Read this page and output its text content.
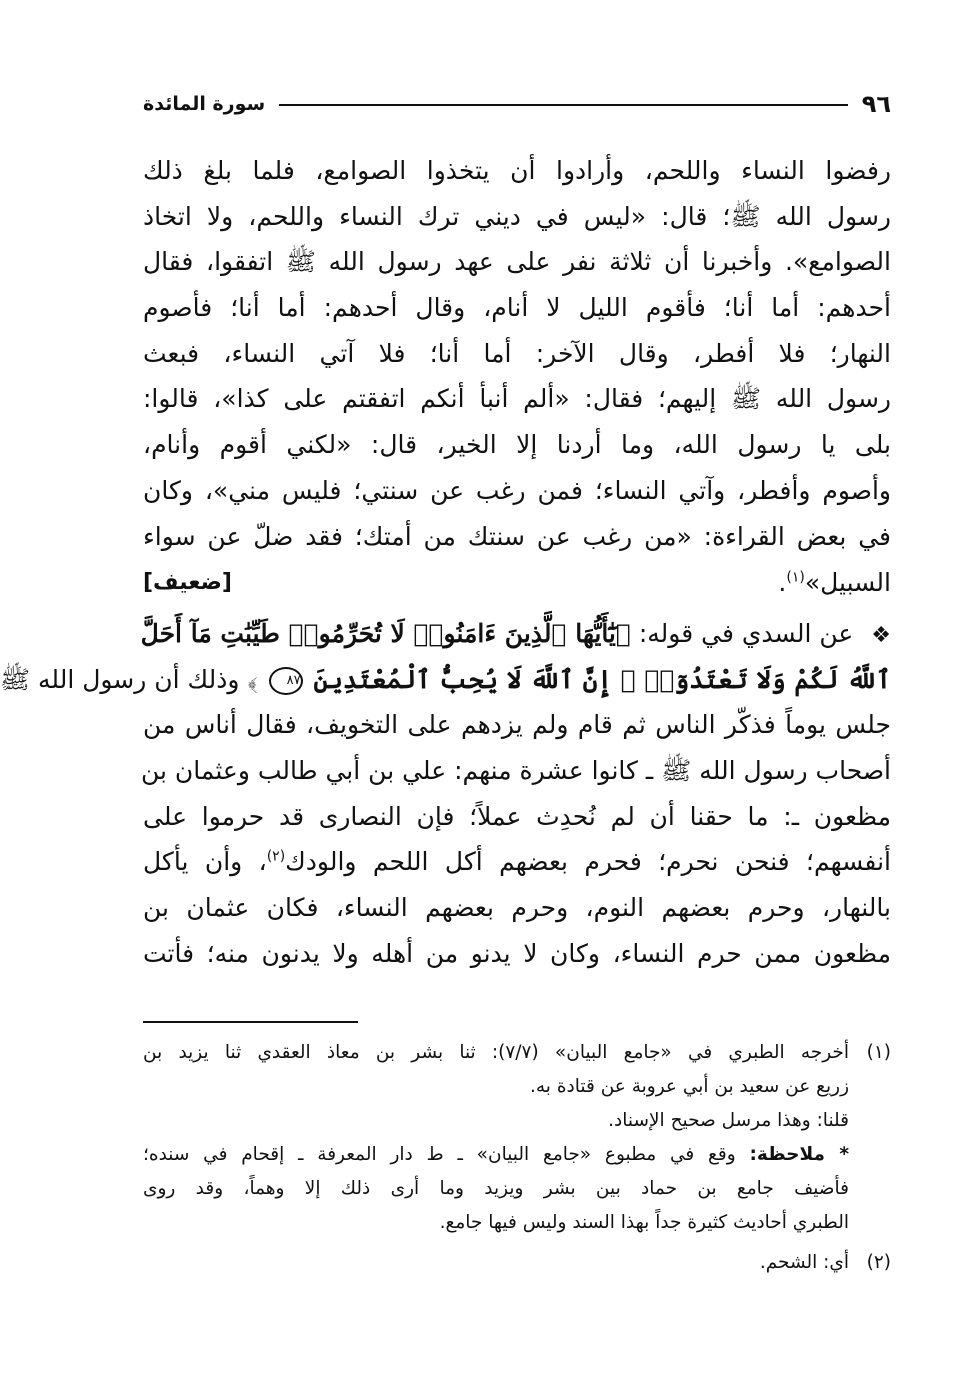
٩٦
سورة المائدة
رفضوا النساء واللحم، وأرادوا أن يتخذوا الصوامع، فلما بلغ ذلك
رسول الله ﷺ؛ قال: «ليس في ديني ترك النساء واللحم، ولا اتخاذ
الصوامع». وأخبرنا أن ثلاثة نفر على عهد رسول الله ﷺ اتفقوا، فقال
أحدهم: أما أنا؛ فأقوم الليل لا أنام، وقال أحدهم: أما أنا؛ فأصوم
النهار؛ فلا أفطر، وقال الآخر: أما أنا؛ فلا آتي النساء، فبعث
رسول الله ﷺ إليهم؛ فقال: «ألم أنبأ أنكم اتفقتم على كذا»، قالوا:
بلى يا رسول الله، وما أردنا إلا الخير، قال: «لكني أقوم وأنام،
وأصوم وأفطر، وآتي النساء؛ فمن رغب عن سنتي؛ فليس مني»، وكان
في بعض القراءة: «من رغب عن سنتك من أمتك؛ فقد ضلّ عن سواء
السبيل»$^{(١)}$.
[ضعيف]
❖ عن السدي في قوله: ﴿يَٰٓأَيُّهَا ٱلَّذِينَ ءَامَنُوا۟ لَا تُحَرِّمُوا۟ طَيِّبَٰتِ مَآ أَحَلَّ
ٱللَّهُ لَكُمْ وَلَا تَعْتَدُوٓا۟ ۚ إِنَّ ٱللَّهَ لَا يُحِبُّ ٱلْمُعْتَدِينَ ٨٧ ﴾ وذلك أن رسول الله ﷺ
جلس يوماً فذكّر الناس ثم قام ولم يزدهم على التخويف، فقال أناس من
أصحاب رسول الله ﷺ ـ كانوا عشرة منهم: علي بن أبي طالب وعثمان بن
مظعون ـ: ما حقنا أن لم نُحدِث عملاً؛ فإن النصارى قد حرموا على
أنفسهم؛ فنحن نحرم؛ فحرم بعضهم أكل اللحم والودك$^{(٢)}$، وأن يأكل
بالنهار، وحرم بعضهم النوم، وحرم بعضهم النساء، فكان عثمان بن
مظعون ممن حرم النساء، وكان لا يدنو من أهله ولا يدنون منه؛ فأتت
(١)أخرجه الطبري في «جامع البيان» (٧/٧): ثنا بشر بن معاذ العقدي ثنا يزيد بن
زريع عن سعيد بن أبي عروبة عن قتادة به.
قلنا: وهذا مرسل صحيح الإسناد.
* ملاحظة: وقع في مطبوع «جامع البيان» ـ ط دار المعرفة ـ إقحام في سنده؛
فأضيف جامع بن حماد بين بشر ويزيد وما أرى ذلك إلا وهماً، وقد روى
الطبري أحاديث كثيرة جداً بهذا السند وليس فيها جامع.
(٢)أي: الشحم.
